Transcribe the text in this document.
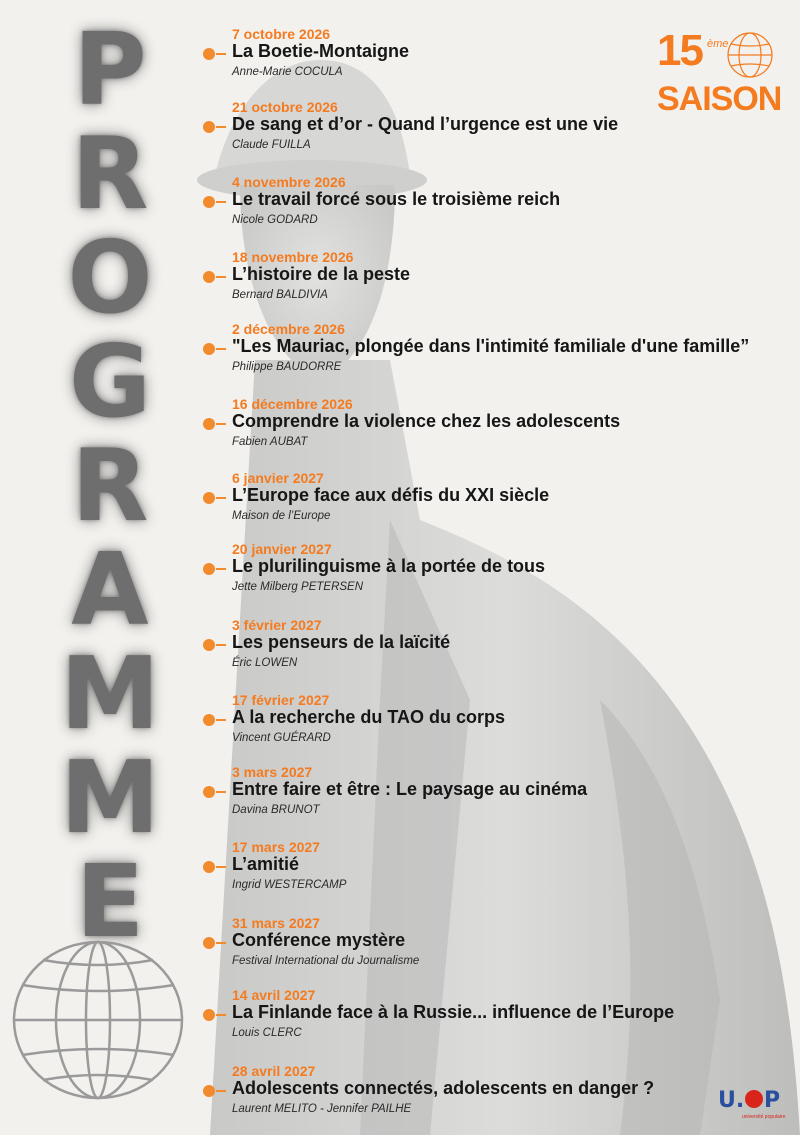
P
R
O
G
R
A
M
M
E
15 ème
SAISON
7 octobre 2026
La Boetie-Montaigne
Anne-Marie COCULA
21 octobre 2026
De sang et d’or - Quand l’urgence est une vie
Claude FUILLA
4 novembre 2026
Le travail forcé sous le troisième reich
Nicole GODARD
18 novembre 2026
L’histoire de la peste
Bernard BALDIVIA
2 décembre 2026
"Les Mauriac, plongée dans l'intimité familiale d'une famille”
Philippe BAUDORRE
16 décembre 2026
Comprendre la violence chez les adolescents
Fabien AUBAT
6 janvier 2027
L’Europe face aux défis du XXI siècle
Maison de l’Europe
20 janvier 2027
Le plurilinguisme à la portée de tous
Jette Milberg PETERSEN
3 février 2027
Les penseurs de la laïcité
Éric LOWEN
17 février 2027
A la recherche du TAO du corps
Vincent GUÉRARD
3 mars 2027
Entre faire et être : Le paysage au cinéma
Davina BRUNOT
17 mars 2027
L’amitié
Ingrid WESTERCAMP
31 mars 2027
Conférence mystère
Festival International du Journalisme
14 avril 2027
La Finlande face à la Russie... influence de l’Europe
Louis CLERC
28 avril 2027
Adolescents connectés, adolescents en danger ?
Laurent MELITO - Jennifer PAILHE	U. P
université populaire
